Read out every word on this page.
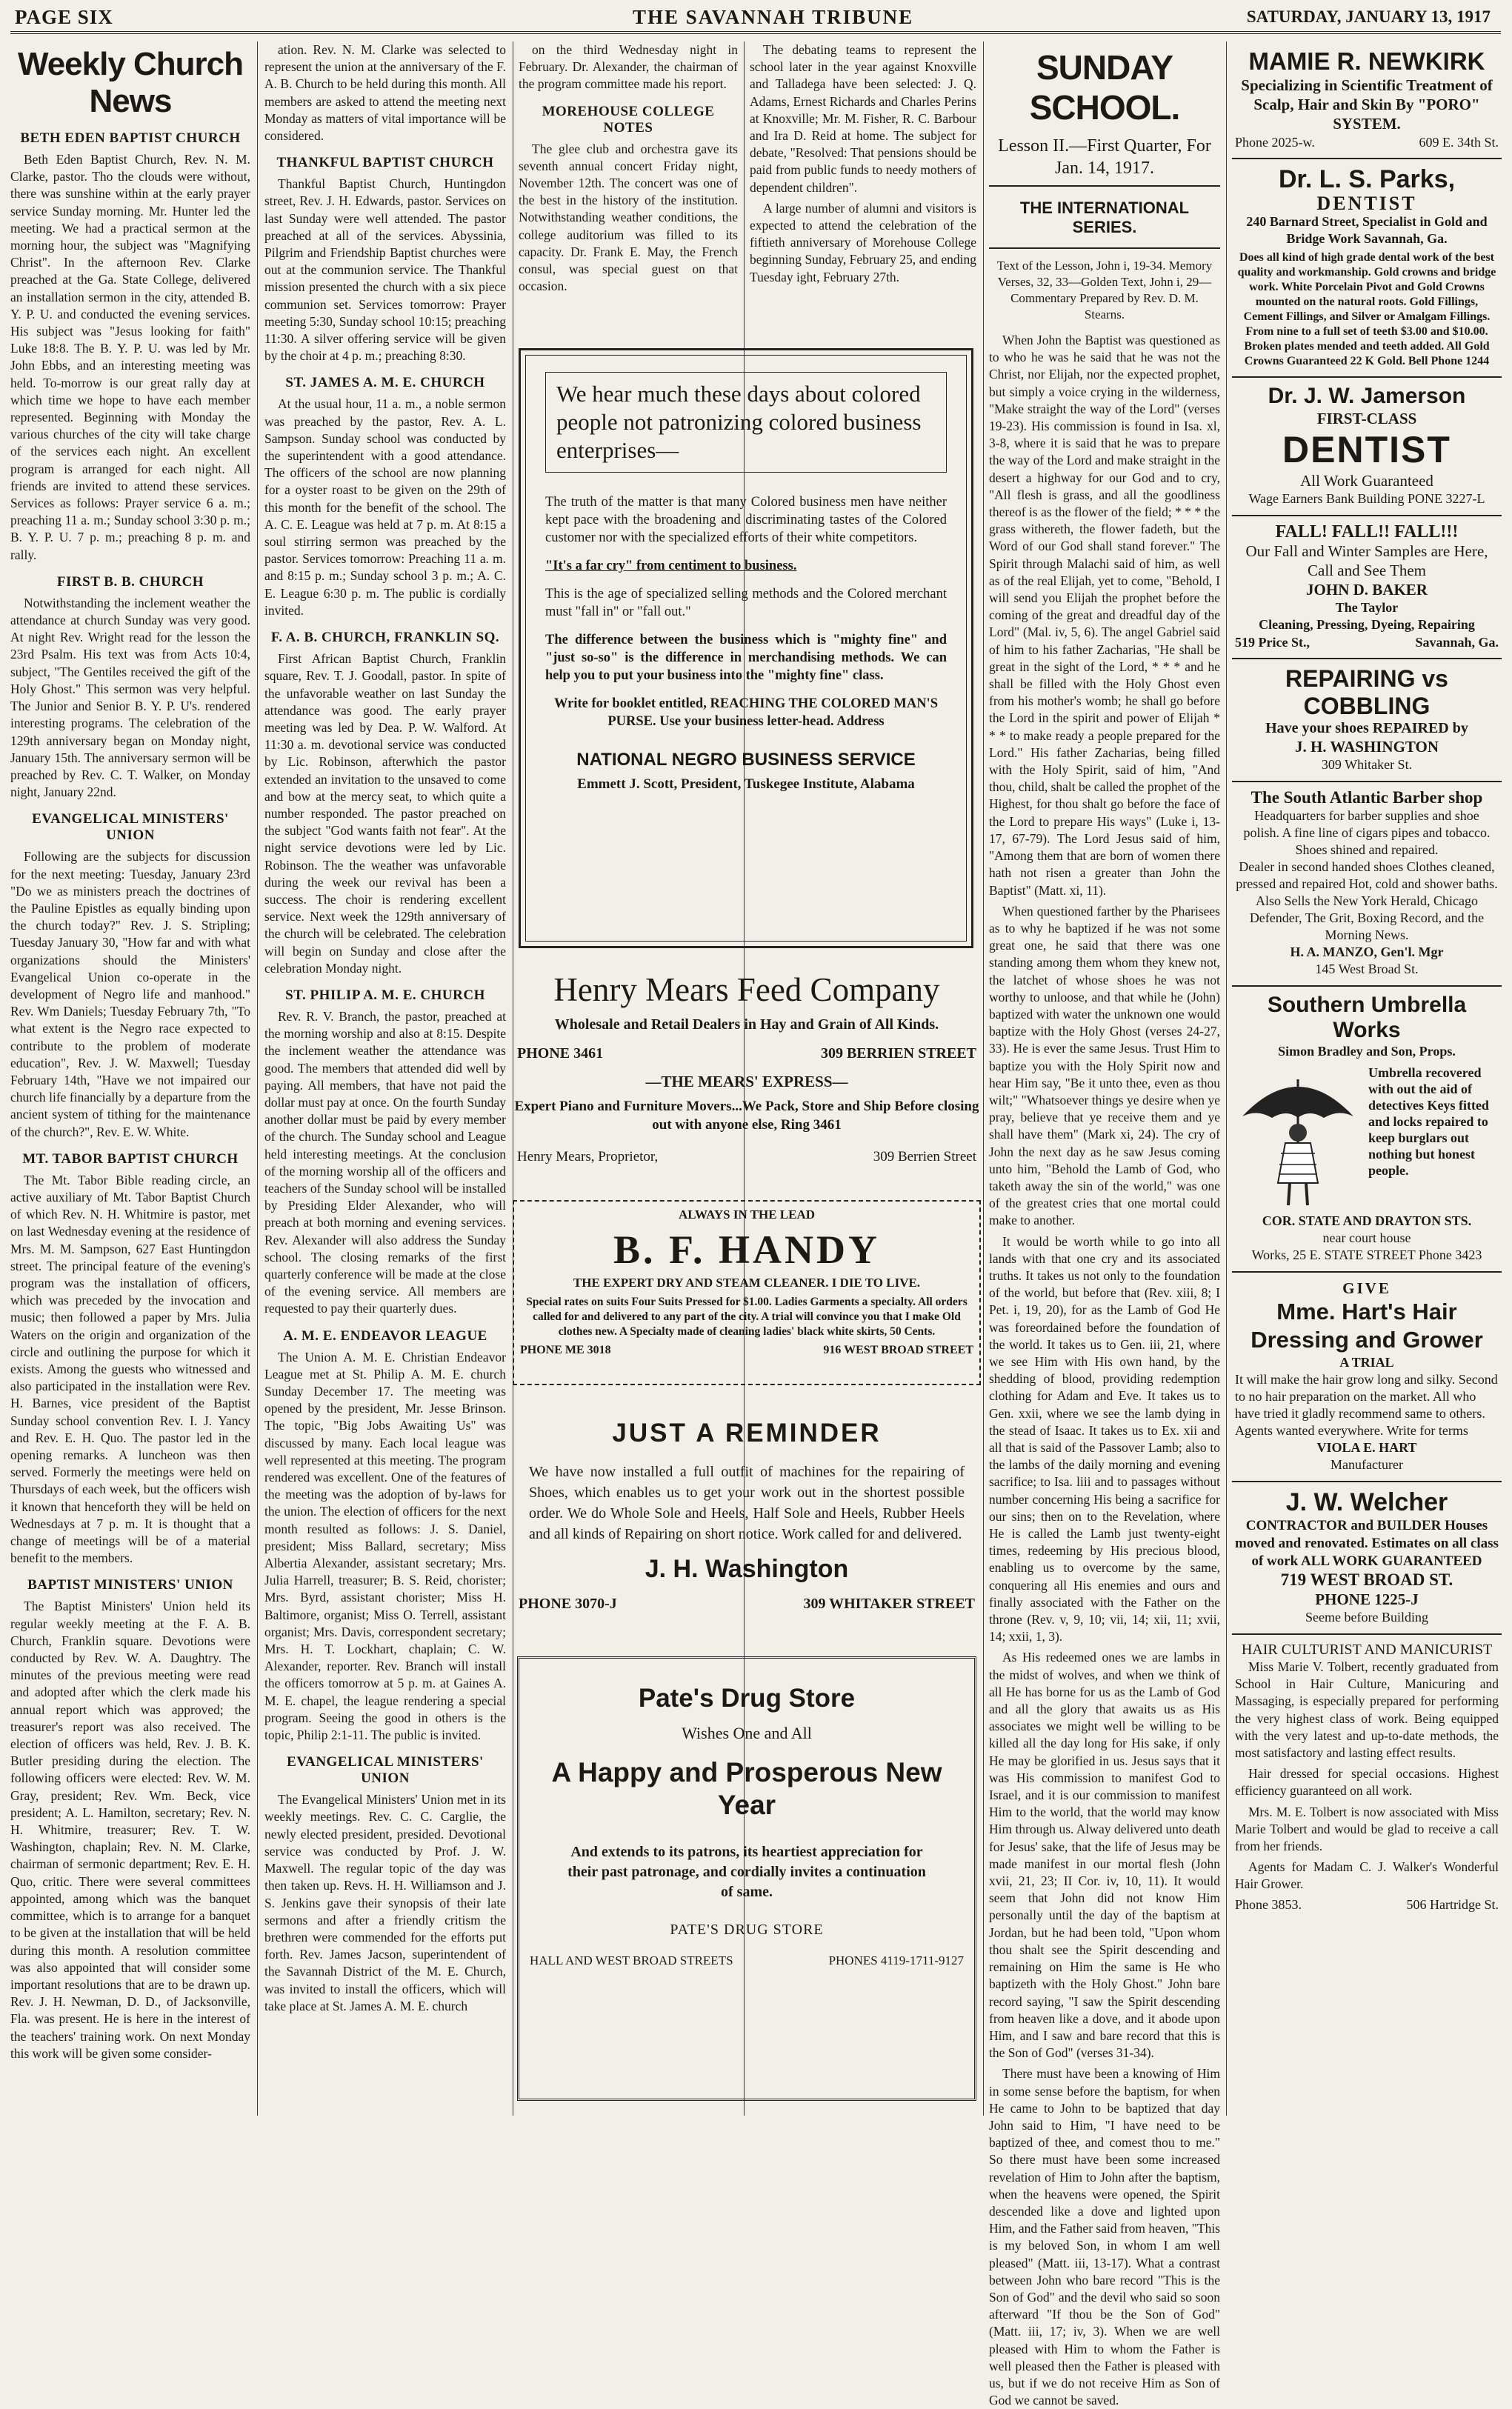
PAGE SIX	THE SAVANNAH TRIBUNE	SATURDAY, JANUARY 13, 1917
Weekly Church News
BETH EDEN BAPTIST CHURCH

Beth Eden Baptist Church, Rev. N. M. Clarke, pastor. Tho the clouds were without, there was sunshine within at the early prayer service Sunday morning. Mr. Hunter led the meeting. We had a practical sermon at the morning hour, the subject was "Magnifying Christ". In the afternoon Rev. Clarke preached at the Ga. State College, delivered an installation sermon in the city, attended B. Y. P. U. and conducted the evening services. His subject was "Jesus looking for faith" Luke 18:8. The B. Y. P. U. was led by Mr. John Ebbs, and an interesting meeting was held. To-morrow is our great rally day at which time we hope to have each member represented. Beginning with Monday the various churches of the city will take charge of the services each night. An excellent program is arranged for each night. All friends are invited to attend these services. Services as follows: Prayer service 6 a. m.; preaching 11 a. m.; Sunday school 3:30 p. m.; B. Y. P. U. 7 p. m.; preaching 8 p. m. and rally.

FIRST B. B. CHURCH

Notwithstanding the inclement weather the attendance at church Sunday was very good. At night Rev. Wright read for the lesson the 23rd Psalm. His text was from Acts 10:4, subject, "The Gentiles received the gift of the Holy Ghost." This sermon was very helpful. The Junior and Senior B. Y. P. U's. rendered interesting programs. The celebration of the 129th anniversary began on Monday night, January 15th. The anniversary sermon will be preached by Rev. C. T. Walker, on Monday night, January 22nd.

EVANGELICAL MINISTERS' UNION

Following are the subjects for discussion for the next meeting: Tuesday, January 23rd "Do we as ministers preach the doctrines of the Pauline Epistles as equally binding upon the church today?" Rev. J. S. Stripling; Tuesday January 30, "How far and with what organizations should the Ministers' Evangelical Union co-operate in the development of Negro life and manhood." Rev. Wm Daniels; Tuesday February 7th, "To what extent is the Negro race expected to contribute to the problem of moderate education", Rev. J. W. Maxwell; Tuesday February 14th, "Have we not impaired our church life financially by a departure from the ancient system of tithing for the maintenance of the church?", Rev. E. W. White.

MT. TABOR BAPTIST CHURCH

The Mt. Tabor Bible reading circle, an active auxiliary of Mt. Tabor Baptist Church of which Rev. N. H. Whitmire is pastor, met on last Wednesday evening at the residence of Mrs. M. M. Sampson, 627 East Huntingdon street. The principal feature of the evening's program was the installation of officers, which was preceded by the invocation and music; then followed a paper by Mrs. Julia Waters on the origin and organization of the circle and outlining the purpose for which it exists. Among the guests who witnessed and also participated in the installation were Rev. H. Barnes, vice president of the Baptist Sunday school convention Rev. I. J. Yancy and Rev. E. H. Quo. The pastor led in the opening remarks. A luncheon was then served. Formerly the meetings were held on Thursdays of each week, but the officers wish it known that henceforth they will be held on Wednesdays at 7 p. m. It is thought that a change of meetings will be of a material benefit to the members.

BAPTIST MINISTERS' UNION

The Baptist Ministers' Union held its regular weekly meeting at the F. A. B. Church, Franklin square. Devotions were conducted by Rev. W. A. Daughtry. The minutes of the previous meeting were read and adopted after which the clerk made his annual report which was approved; the treasurer's report was also received. The election of officers was held, Rev. J. B. K. Butler presiding during the election. The following officers were elected: Rev. W. M. Gray, president; Rev. Wm. Beck, vice president; A. L. Hamilton, secretary; Rev. N. H. Whitmire, treasurer; Rev. T. W. Washington, chaplain; Rev. N. M. Clarke, chairman of sermonic department; Rev. E. H. Quo, critic. There were several committees appointed, among which was the banquet committee, which is to arrange for a banquet to be given at the installation that will be held during this month. A resolution committee was also appointed that will consider some important resolutions that are to be drawn up. Rev. J. H. Newman, D. D., of Jacksonville, Fla. was present. He is here in the interest of the teachers' training work. On next Monday this work will be given some consider-

ation. Rev. N. M. Clarke was selected to represent the union at the anniversary of the F. A. B. Church to be held during this month. All members are asked to attend the meeting next Monday as matters of vital importance will be considered.

THANKFUL BAPTIST CHURCH

Thankful Baptist Church, Huntingdon street, Rev. J. H. Edwards, pastor. Services on last Sunday were well attended. The pastor preached at all of the services. Abyssinia, Pilgrim and Friendship Baptist churches were out at the communion service. The Thankful mission presented the church with a six piece communion set. Services tomorrow: Prayer meeting 5:30, Sunday school 10:15; preaching 11:30. A silver offering service will be given by the choir at 4 p. m.; preaching 8:30.

ST. JAMES A. M. E. CHURCH

At the usual hour, 11 a. m., a noble sermon was preached by the pastor, Rev. A. L. Sampson. Sunday school was conducted by the superintendent with a good attendance. The officers of the school are now planning for a oyster roast to be given on the 29th of this month for the benefit of the school. The A. C. E. League was held at 7 p. m. At 8:15 a soul stirring sermon was preached by the pastor. Services tomorrow: Preaching 11 a. m. and 8:15 p. m.; Sunday school 3 p. m.; A. C. E. League 6:30 p. m. The public is cordially invited.

F. A. B. CHURCH, FRANKLIN SQ.

First African Baptist Church, Franklin square, Rev. T. J. Goodall, pastor. In spite of the unfavorable weather on last Sunday the attendance was good. The early prayer meeting was led by Dea. P. W. Walford. At 11:30 a. m. devotional service was conducted by Lic. Robinson, afterwhich the pastor extended an invitation to the unsaved to come and bow at the mercy seat, to which quite a number responded. The pastor preached on the subject "God wants faith not fear". At the night service devotions were led by Lic. Robinson. The the weather was unfavorable during the week our revival has been a success. The choir is rendering excellent service. Next week the 129th anniversary of the church will be celebrated. The celebration will begin on Sunday and close after the celebration Monday night.

ST. PHILIP A. M. E. CHURCH

Rev. R. V. Branch, the pastor, preached at the morning worship and also at 8:15. Despite the inclement weather the attendance was good. The members that attended did well by paying. All members, that have not paid the dollar must pay at once. On the fourth Sunday another dollar must be paid by every member of the church. The Sunday school and League held interesting meetings. At the conclusion of the morning worship all of the officers and teachers of the Sunday school will be installed by Presiding Elder Alexander, who will preach at both morning and evening services. Rev. Alexander will also address the Sunday school. The closing remarks of the first quarterly conference will be made at the close of the evening service. All members are requested to pay their quarterly dues.

A. M. E. ENDEAVOR LEAGUE

The Union A. M. E. Christian Endeavor League met at St. Philip A. M. E. church Sunday December 17. The meeting was opened by the president, Mr. Jesse Brinson. The topic, "Big Jobs Awaiting Us" was discussed by many. Each local league was well represented at this meeting. The program rendered was excellent. One of the features of the meeting was the adoption of by-laws for the union. The election of officers for the next month resulted as follows: J. S. Daniel, president; Miss Ballard, secretary; Miss Albertia Alexander, assistant secretary; Mrs. Julia Harrell, treasurer; B. S. Reid, chorister; Mrs. Byrd, assistant chorister; Miss H. Baltimore, organist; Miss O. Terrell, assistant organist; Mrs. Davis, correspondent secretary; Mrs. H. T. Lockhart, chaplain; C. W. Alexander, reporter. Rev. Branch will install the officers tomorrow at 5 p. m. at Gaines A. M. E. chapel, the league rendering a special program. Seeing the good in others is the topic, Philip 2:1-11. The public is invited.

EVANGELICAL MINISTERS' UNION

The Evangelical Ministers' Union met in its weekly meetings. Rev. C. C. Carglie, the newly elected president, presided. Devotional service was conducted by Prof. J. W. Maxwell. The regular topic of the day was then taken up. Revs. H. H. Williamson and J. S. Jenkins gave their synopsis of their late sermons and after a friendly critism the brethren were commended for the efforts put forth. Rev. James Jacson, superintendent of the Savannah District of the M. E. Church, was invited to install the officers, which will take place at St. James A. M. E. church

on the third Wednesday night in February. Dr. Alexander, the chairman of the program committee made his report.

MOREHOUSE COLLEGE NOTES

The glee club and orchestra gave its seventh annual concert Friday night, November 12th. The concert was one of the best in the history of the institution. Notwithstanding weather conditions, the college auditorium was filled to its capacity. Dr. Frank E. May, the French consul, was special guest on that occasion.

The debating teams to represent the school later in the year against Knoxville and Talladega have been selected: J. Q. Adams, Ernest Richards and Charles Perins at Knoxville; Mr. M. Fisher, R. C. Barbour and Ira D. Reid at home. The subject for debate, "Resolved: That pensions should be paid from public funds to needy mothers of dependent children".

A large number of alumni and visitors is expected to attend the celebration of the fiftieth anniversary of Morehouse College beginning Sunday, February 25, and ending Tuesday ight, February 27th.

We hear much these days about colored people not patronizing colored business enterprises—

The truth of the matter is that many Colored business men have neither kept pace with the broadening and discriminating tastes of the Colored customer nor with the specialized efforts of their white competitors.

"It's a far cry" from centiment to business.

This is the age of specialized selling methods and the Colored merchant must "fall in" or "fall out."

The difference between the business which is "mighty fine" and "just so-so" is the difference in merchandising methods. We can help you to put your business into the "mighty fine" class.

Write for booklet entitled, REACHING THE COLORED MAN'S PURSE. Use your business letter-head. Address

NATIONAL NEGRO BUSINESS SERVICE
Emmett J. Scott, President, Tuskegee Institute, Alabama
Henry Mears Feed Company
Wholesale and Retail Dealers in Hay and Grain of All Kinds.
PHONE 3461	309 BERRIEN STREET
—THE MEARS' EXPRESS—
Expert Piano and Furniture Movers...We Pack, Store and Ship Before closing out with anyone else, Ring 3461
Henry Mears, Proprietor,	309 Berrien Street
ALWAYS IN THE LEAD
B. F. HANDY
THE EXPERT DRY AND STEAM CLEANER. I DIE TO LIVE.
Special rates on suits Four Suits Pressed for $1.00. Ladies Garments a specialty. All orders called for and delivered to any part of the city. A trial will convince you that I make Old clothes new. A Specialty made of cleaning ladies' black white skirts, 50 Cents.
PHONE ME 3018	916 WEST BROAD STREET
JUST A REMINDER
We have now installed a full outfit of machines for the repairing of Shoes, which enables us to get your work out in the shortest possible order. We do Whole Sole and Heels, Half Sole and Heels, Rubber Heels and all kinds of Repairing on short notice. Work called for and delivered.
J. H. Washington
PHONE 3070-J	309 WHITAKER STREET
Pate's Drug Store
Wishes One and All
A Happy and Prosperous New Year
And extends to its patrons, its heartiest appreciation for their past patronage, and cordially invites a continuation of same.
PATE'S DRUG STORE
HALL AND WEST BROAD STREETS	PHONES 4119-1711-9127
SUNDAY SCHOOL.
Lesson II.—First Quarter, For Jan. 14, 1917.
THE INTERNATIONAL SERIES.
Text of the Lesson, John i, 19-34. Memory Verses, 32, 33—Golden Text, John i, 29—Commentary Prepared by Rev. D. M. Stearns.

When John the Baptist was questioned as to who he was he said that he was not the Christ, nor Elijah, nor the expected prophet, but simply a voice crying in the wilderness, "Make straight the way of the Lord" (verses 19-23). His commission is found in Isa. xl, 3-8, where it is said that he was to prepare the way of the Lord and make straight in the desert a highway for our God and to cry, "All flesh is grass, and all the goodliness thereof is as the flower of the field; * * * the grass withereth, the flower fadeth, but the Word of our God shall stand forever." The Spirit through Malachi said of him, as well as of the real Elijah, yet to come, "Behold, I will send you Elijah the prophet before the coming of the great and dreadful day of the Lord" (Mal. iv, 5, 6). The angel Gabriel said of him to his father Zacharias, "He shall be great in the sight of the Lord, * * * and he shall be filled with the Holy Ghost even from his mother's womb; he shall go before the Lord in the spirit and power of Elijah * * * to make ready a people prepared for the Lord." His father Zacharias, being filled with the Holy Spirit, said of him, "And thou, child, shalt be called the prophet of the Highest, for thou shalt go before the face of the Lord to prepare His ways" (Luke i, 13-17, 67-79). The Lord Jesus said of him, "Among them that are born of women there hath not risen a greater than John the Baptist" (Matt. xi, 11).

When questioned farther by the Pharisees as to why he baptized if he was not some great one, he said that there was one standing among them whom they knew not, the latchet of whose shoes he was not worthy to unloose, and that while he (John) baptized with water the unknown one would baptize with the Holy Ghost (verses 24-27, 33). He is ever the same Jesus. Trust Him to baptize you with the Holy Spirit now and hear Him say, "Be it unto thee, even as thou wilt;" "Whatsoever things ye desire when ye pray, believe that ye receive them and ye shall have them" (Mark xi, 24). The cry of John the next day as he saw Jesus coming unto him, "Behold the Lamb of God, who taketh away the sin of the world," was one of the greatest cries that one mortal could make to another.

It would be worth while to go into all lands with that one cry and its associated truths. It takes us not only to the foundation of the world, but before that (Rev. xiii, 8; I Pet. i, 19, 20), for as the Lamb of God He was foreordained before the foundation of the world. It takes us to Gen. iii, 21, where we see Him with His own hand, by the shedding of blood, providing redemption clothing for Adam and Eve. It takes us to Gen. xxii, where we see the lamb dying in the stead of Isaac. It takes us to Ex. xii and all that is said of the Passover Lamb; also to the lambs of the daily morning and evening sacrifice; to Isa. liii and to passages without number concerning His being a sacrifice for our sins; then on to the Revelation, where He is called the Lamb just twenty-eight times, redeeming by His precious blood, enabling us to overcome by the same, conquering all His enemies and ours and finally associated with the Father on the throne (Rev. v, 9, 10; vii, 14; xii, 11; xvii, 14; xxii, 1, 3).

As His redeemed ones we are lambs in the midst of wolves, and when we think of all He has borne for us as the Lamb of God and all the glory that awaits us as His associates we might well be willing to be killed all the day long for His sake, if only He may be glorified in us. Jesus says that it was His commission to manifest God to Israel, and it is our commission to manifest Him to the world, that the world may know Him through us. Alway delivered unto death for Jesus' sake, that the life of Jesus may be made manifest in our mortal flesh (John xvii, 21, 23; II Cor. iv, 10, 11). It would seem that John did not know Him personally until the day of the baptism at Jordan, but he had been told, "Upon whom thou shalt see the Spirit descending and remaining on Him the same is He who baptizeth with the Holy Ghost." John bare record saying, "I saw the Spirit descending from heaven like a dove, and it abode upon Him, and I saw and bare record that this is the Son of God" (verses 31-34).

There must have been a knowing of Him in some sense before the baptism, for when He came to John to be baptized that day John said to Him, "I have need to be baptized of thee, and comest thou to me." So there must have been some increased revelation of Him to John after the baptism, when the heavens were opened, the Spirit descended like a dove and lighted upon Him, and the Father said from heaven, "This is my beloved Son, in whom I am well pleased" (Matt. iii, 13-17). What a contrast between John who bare record "This is the Son of God" and the devil who said so soon afterward "If thou be the Son of God" (Matt. iii, 17; iv, 3). When we are well pleased with Him to whom the Father is well pleased then the Father is pleased with us, but if we do not receive Him as Son of God we cannot be saved.

MAMIE R. NEWKIRK
Specializing in Scientific Treatment of Scalp, Hair and Skin By "PORO" SYSTEM.
Phone 2025-w.	609 E. 34th St.
Dr. L. S. Parks,
DENTIST
240 Barnard Street, Specialist in Gold and Bridge Work Savannah, Ga.
Does all kind of high grade dental work of the best quality and workmanship. Gold crowns and bridge work. White Porcelain Pivot and Gold Crowns mounted on the natural roots. Gold Fillings, Cement Fillings, and Silver or Amalgam Fillings. From nine to a full set of teeth $3.00 and $10.00. Broken plates mended and teeth added. All Gold Crowns Guaranteed 22 K Gold. Bell Phone 1244
Dr. J. W. Jamerson
FIRST-CLASS
DENTIST
All Work Guaranteed
Wage Earners Bank Building PONE 3227-L
FALL! FALL!! FALL!!!
Our Fall and Winter Samples are Here, Call and See Them
JOHN D. BAKER
The Taylor
Cleaning, Pressing, Dyeing, Repairing
519 Price St.,	Savannah, Ga.
REPAIRING vs COBBLING
Have your shoes REPAIRED by
J. H. WASHINGTON
309 Whitaker St.
The South Atlantic Barber shop
Headquarters for barber supplies and shoe polish. A fine line of cigars pipes and tobacco. Shoes shined and repaired.
Dealer in second handed shoes Clothes cleaned, pressed and repaired Hot, cold and shower baths.
Also Sells the New York Herald, Chicago Defender, The Grit, Boxing Record, and the Morning News.
H. A. MANZO, Gen'l. Mgr
145 West Broad St.
Southern Umbrella Works
Simon Bradley and Son, Props.
Umbrella recovered with out the aid of detectives Keys fitted and locks repaired to keep burglars out nothing but honest people.
COR. STATE AND DRAYTON STS.
near court house
Works, 25 E. STATE STREET Phone 3423
GIVE
Mme. Hart's Hair Dressing and Grower
A TRIAL
It will make the hair grow long and silky. Second to no hair preparation on the market. All who have tried it gladly recommend same to others. Agents wanted everywhere. Write for terms
VIOLA E. HART
Manufacturer
J. W. Welcher
CONTRACTOR and BUILDER Houses moved and renovated. Estimates on all class of work ALL WORK GUARANTEED
719 WEST BROAD ST.
PHONE 1225-J
Seeme before Building
HAIR CULTURIST AND MANICURIST

Miss Marie V. Tolbert, recently graduated from School in Hair Culture, Manicuring and Massaging, is especially prepared for performing the very highest class of work. Being equipped with the very latest and up-to-date methods, the most satisfactory and lasting effect results.

Hair dressed for special occasions. Highest efficiency guaranteed on all work.

Mrs. M. E. Tolbert is now associated with Miss Marie Tolbert and would be glad to receive a call from her friends.

Agents for Madam C. J. Walker's Wonderful Hair Grower.

Phone 3853.	506 Hartridge St.
